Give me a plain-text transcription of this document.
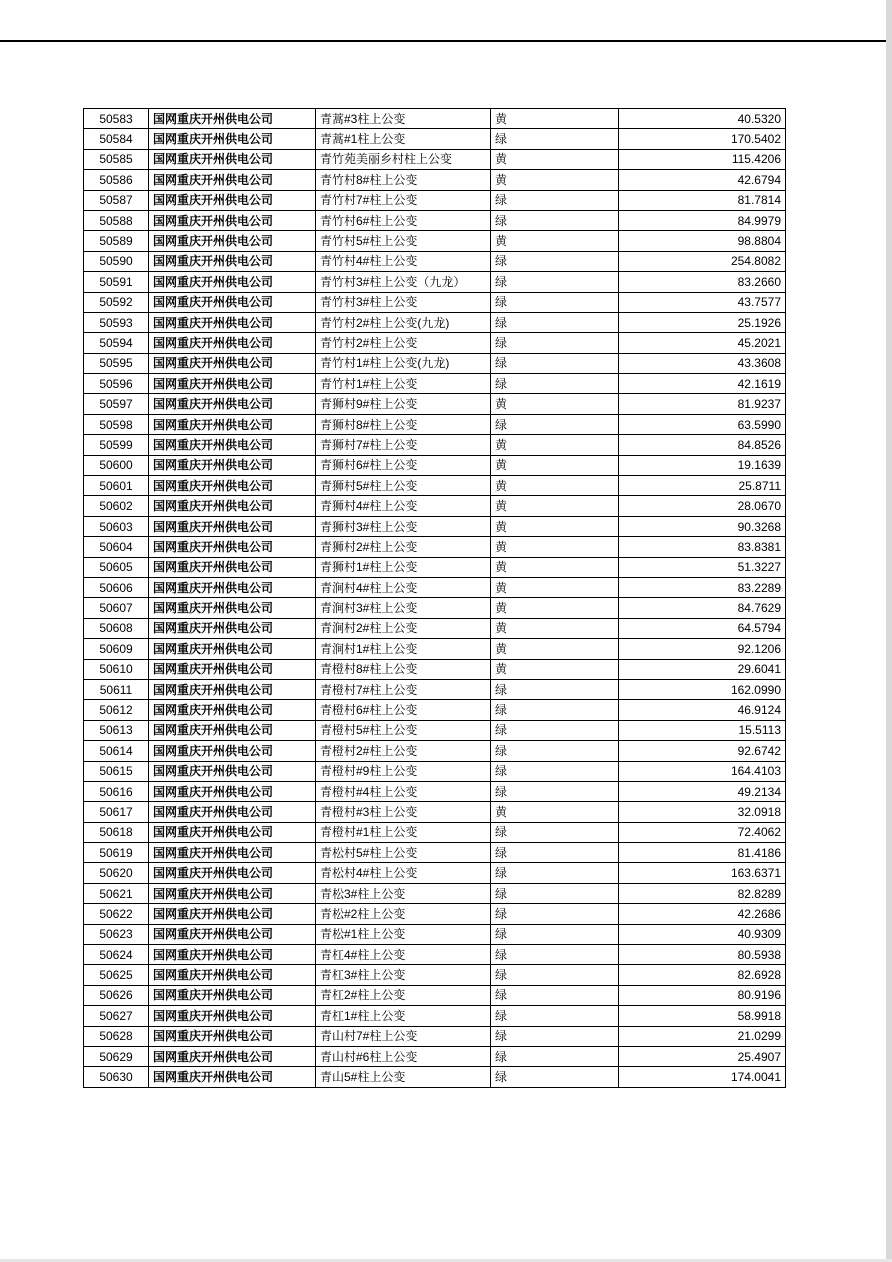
50583	国网重庆开州供电公司	青蒿#3柱上公变	黄	40.5320
50584	国网重庆开州供电公司	青蒿#1柱上公变	绿	170.5402
50585	国网重庆开州供电公司	青竹苑美丽乡村柱上公变	黄	115.4206
50586	国网重庆开州供电公司	青竹村8#柱上公变	黄	42.6794
50587	国网重庆开州供电公司	青竹村7#柱上公变	绿	81.7814
50588	国网重庆开州供电公司	青竹村6#柱上公变	绿	84.9979
50589	国网重庆开州供电公司	青竹村5#柱上公变	黄	98.8804
50590	国网重庆开州供电公司	青竹村4#柱上公变	绿	254.8082
50591	国网重庆开州供电公司	青竹村3#柱上公变（九龙）	绿	83.2660
50592	国网重庆开州供电公司	青竹村3#柱上公变	绿	43.7577
50593	国网重庆开州供电公司	青竹村2#柱上公变(九龙)	绿	25.1926
50594	国网重庆开州供电公司	青竹村2#柱上公变	绿	45.2021
50595	国网重庆开州供电公司	青竹村1#柱上公变(九龙)	绿	43.3608
50596	国网重庆开州供电公司	青竹村1#柱上公变	绿	42.1619
50597	国网重庆开州供电公司	青狮村9#柱上公变	黄	81.9237
50598	国网重庆开州供电公司	青狮村8#柱上公变	绿	63.5990
50599	国网重庆开州供电公司	青狮村7#柱上公变	黄	84.8526
50600	国网重庆开州供电公司	青狮村6#柱上公变	黄	19.1639
50601	国网重庆开州供电公司	青狮村5#柱上公变	黄	25.8711
50602	国网重庆开州供电公司	青狮村4#柱上公变	黄	28.0670
50603	国网重庆开州供电公司	青狮村3#柱上公变	黄	90.3268
50604	国网重庆开州供电公司	青狮村2#柱上公变	黄	83.8381
50605	国网重庆开州供电公司	青狮村1#柱上公变	黄	51.3227
50606	国网重庆开州供电公司	青涧村4#柱上公变	黄	83.2289
50607	国网重庆开州供电公司	青涧村3#柱上公变	黄	84.7629
50608	国网重庆开州供电公司	青涧村2#柱上公变	黄	64.5794
50609	国网重庆开州供电公司	青涧村1#柱上公变	黄	92.1206
50610	国网重庆开州供电公司	青橙村8#柱上公变	黄	29.6041
50611	国网重庆开州供电公司	青橙村7#柱上公变	绿	162.0990
50612	国网重庆开州供电公司	青橙村6#柱上公变	绿	46.9124
50613	国网重庆开州供电公司	青橙村5#柱上公变	绿	15.5113
50614	国网重庆开州供电公司	青橙村2#柱上公变	绿	92.6742
50615	国网重庆开州供电公司	青橙村#9柱上公变	绿	164.4103
50616	国网重庆开州供电公司	青橙村#4柱上公变	绿	49.2134
50617	国网重庆开州供电公司	青橙村#3柱上公变	黄	32.0918
50618	国网重庆开州供电公司	青橙村#1柱上公变	绿	72.4062
50619	国网重庆开州供电公司	青松村5#柱上公变	绿	81.4186
50620	国网重庆开州供电公司	青松村4#柱上公变	绿	163.6371
50621	国网重庆开州供电公司	青松3#柱上公变	绿	82.8289
50622	国网重庆开州供电公司	青松#2柱上公变	绿	42.2686
50623	国网重庆开州供电公司	青松#1柱上公变	绿	40.9309
50624	国网重庆开州供电公司	青杠4#柱上公变	绿	80.5938
50625	国网重庆开州供电公司	青杠3#柱上公变	绿	82.6928
50626	国网重庆开州供电公司	青杠2#柱上公变	绿	80.9196
50627	国网重庆开州供电公司	青杠1#柱上公变	绿	58.9918
50628	国网重庆开州供电公司	青山村7#柱上公变	绿	21.0299
50629	国网重庆开州供电公司	青山村#6柱上公变	绿	25.4907
50630	国网重庆开州供电公司	青山5#柱上公变	绿	174.0041
